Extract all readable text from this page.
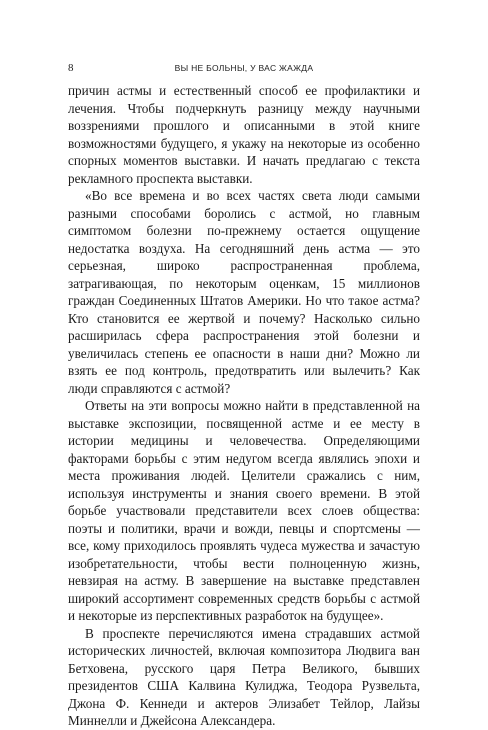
8	ВЫ НЕ БОЛЬНЫ, У ВАС ЖАЖДА

причин астмы и естественный способ ее профилактики и лечения. Чтобы подчеркнуть разницу между научными воззрениями прошлого и описанными в этой книге возможностями будущего, я укажу на некоторые из особенно спорных моментов выставки. И начать предлагаю с текста рекламного проспекта выставки.

«Во все времена и во всех частях света люди самыми разными способами боролись с астмой, но главным симптомом болезни по-прежнему остается ощущение недостатка воздуха. На сегодняшний день астма — это серьезная, широко распространенная проблема, затрагивающая, по некоторым оценкам, 15 миллионов граждан Соединенных Штатов Америки. Но что такое астма? Кто становится ее жертвой и почему? Насколько сильно расширилась сфера распространения этой болезни и увеличилась степень ее опасности в наши дни? Можно ли взять ее под контроль, предотвратить или вылечить? Как люди справляются с астмой?

Ответы на эти вопросы можно найти в представленной на выставке экспозиции, посвященной астме и ее месту в истории медицины и человечества. Определяющими факторами борьбы с этим недугом всегда являлись эпохи и места проживания людей. Целители сражались с ним, используя инструменты и знания своего времени. В этой борьбе участвовали представители всех слоев общества: поэты и политики, врачи и вожди, певцы и спортсмены — все, кому приходилось проявлять чудеса мужества и зачастую изобретательности, чтобы вести полноценную жизнь, невзирая на астму. В завершение на выставке представлен широкий ассортимент современных средств борьбы с астмой и некоторые из перспективных разработок на будущее».

В проспекте перечисляются имена страдавших астмой исторических личностей, включая композитора Людвига ван Бетховена, русского царя Петра Великого, бывших президентов США Калвина Кулиджа, Теодора Рузвельта, Джона Ф. Кеннеди и актеров Элизабет Тейлор, Лайзы Миннелли и Джейсона Александера.
